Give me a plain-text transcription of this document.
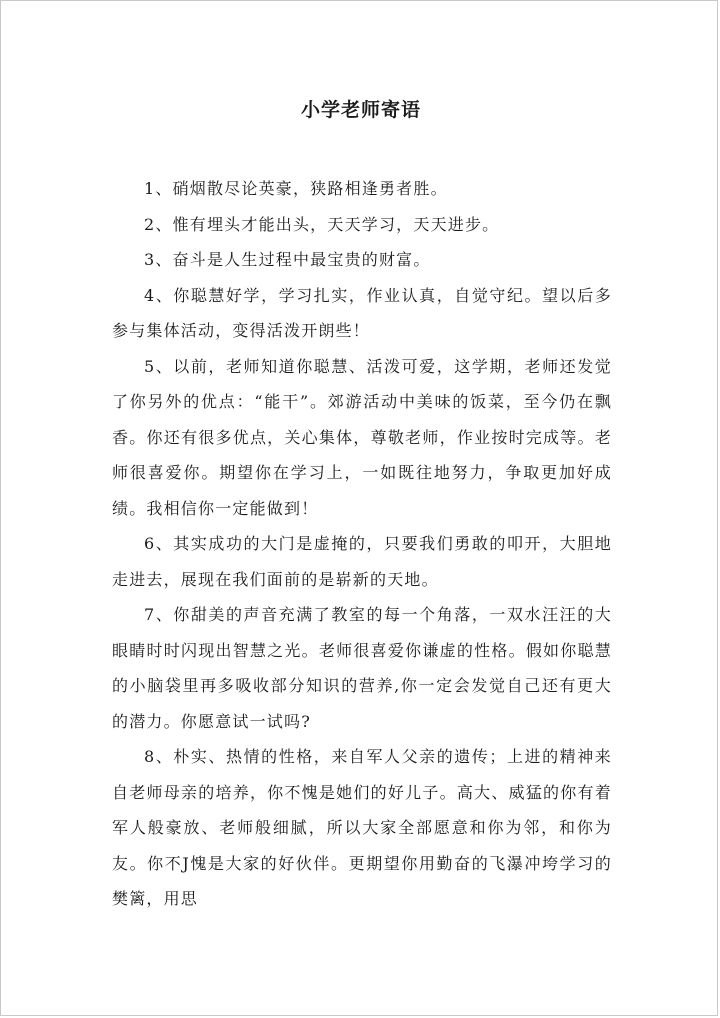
小学老师寄语

1、硝烟散尽论英豪，狭路相逢勇者胜。

2、惟有埋头才能出头，天天学习，天天进步。

3、奋斗是人生过程中最宝贵的财富。

4、你聪慧好学，学习扎实，作业认真，自觉守纪。望以后多参与集体活动，变得活泼开朗些！

5、以前，老师知道你聪慧、活泼可爱，这学期，老师还发觉了你另外的优点：“能干”。郊游活动中美味的饭菜，至今仍在飘香。你还有很多优点，关心集体，尊敬老师，作业按时完成等。老师很喜爱你。期望你在学习上，一如既往地努力，争取更加好成绩。我相信你一定能做到！

6、其实成功的大门是虚掩的，只要我们勇敢的叩开，大胆地走进去，展现在我们面前的是崭新的天地。

7、你甜美的声音充满了教室的每一个角落，一双水汪汪的大眼睛时时闪现出智慧之光。老师很喜爱你谦虚的性格。假如你聪慧的小脑袋里再多吸收部分知识的营养,你一定会发觉自己还有更大的潜力。你愿意试一试吗?

8、朴实、热情的性格，来自军人父亲的遗传；上进的精神来自老师母亲的培养，你不愧是她们的好儿子。高大、威猛的你有着军人般豪放、老师般细腻，所以大家全部愿意和你为邻，和你为友。你不J愧是大家的好伙伴。更期望你用勤奋的飞瀑冲垮学习的樊篱，用思
